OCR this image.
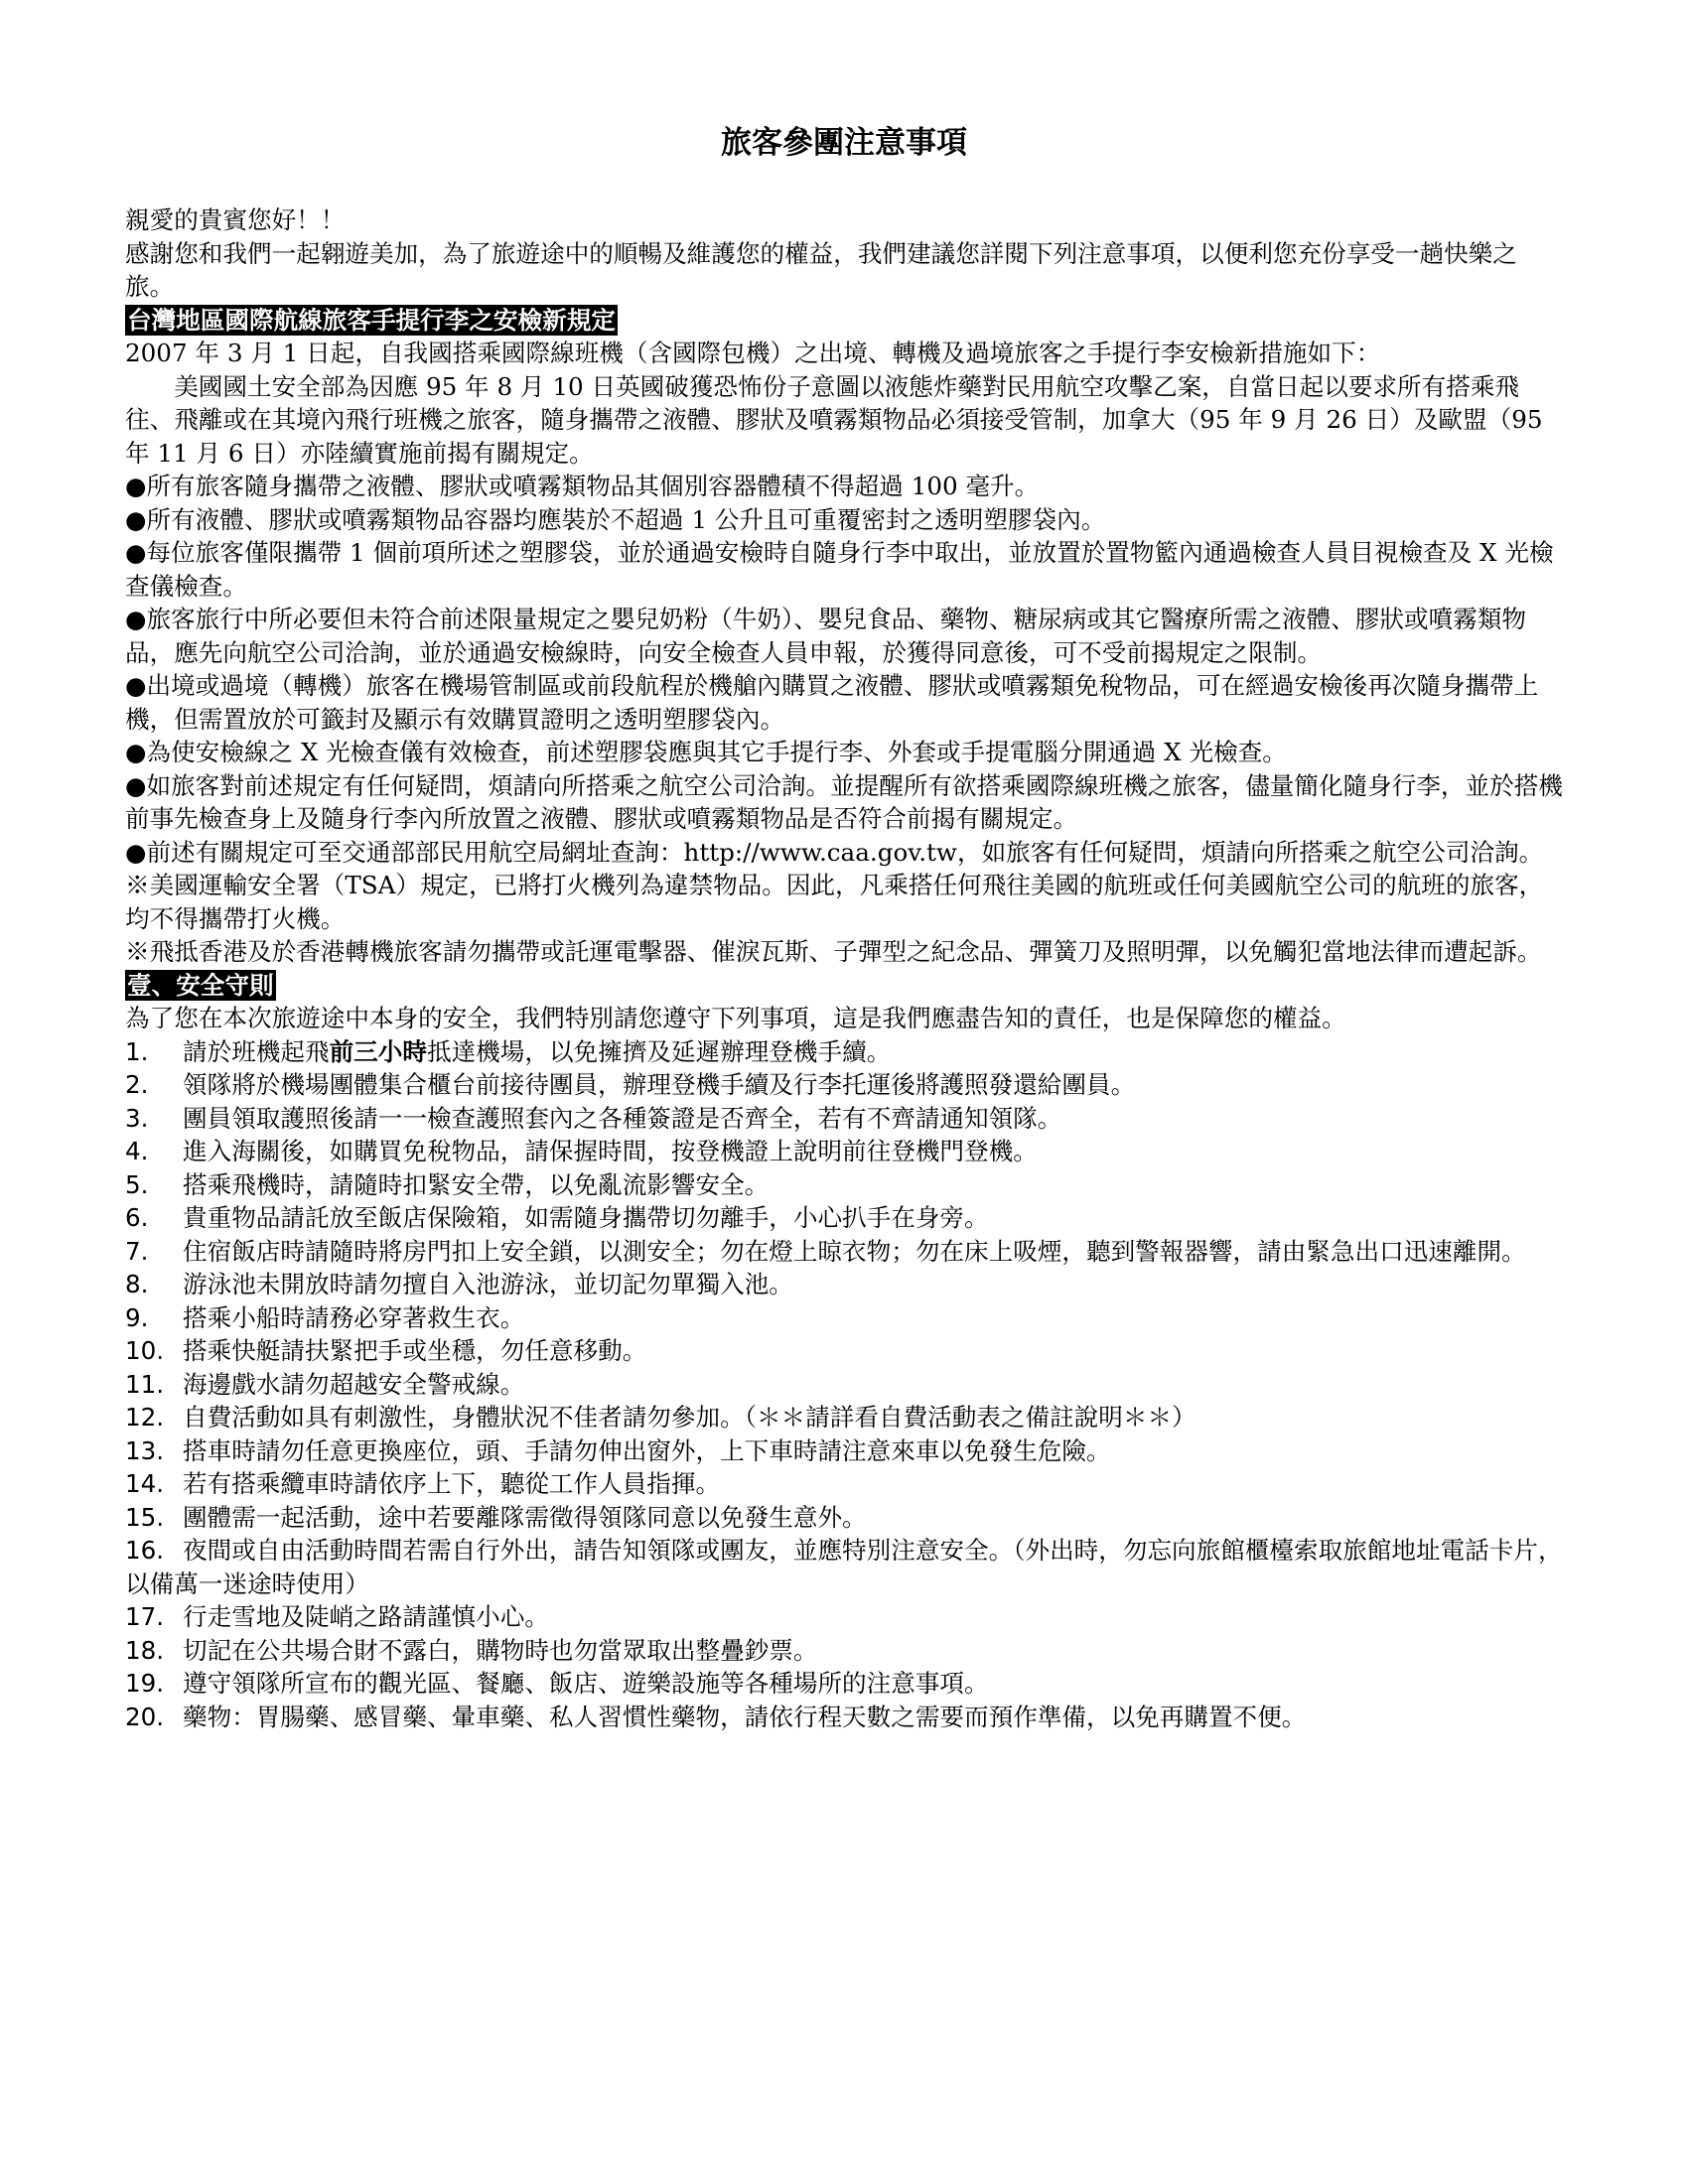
旅客參團注意事項

親愛的貴賓您好！！

感謝您和我們一起翱遊美加，為了旅遊途中的順暢及維護您的權益，我們建議您詳閱下列注意事項，以便利您充份享受一趟快樂之旅。

台灣地區國際航線旅客手提行李之安檢新規定

2007 年 3 月 1 日起，自我國搭乘國際線班機（含國際包機）之出境、轉機及過境旅客之手提行李安檢新措施如下：

美國國土安全部為因應 95 年 8 月 10 日英國破獲恐怖份子意圖以液態炸藥對民用航空攻擊乙案，自當日起以要求所有搭乘飛往、飛離或在其境內飛行班機之旅客，隨身攜帶之液體、膠狀及噴霧類物品必須接受管制，加拿大（95 年 9 月 26 日）及歐盟（95 年 11 月 6 日）亦陸續實施前揭有關規定。

●所有旅客隨身攜帶之液體、膠狀或噴霧類物品其個別容器體積不得超過 100 毫升。
●所有液體、膠狀或噴霧類物品容器均應裝於不超過 1 公升且可重覆密封之透明塑膠袋內。
●每位旅客僅限攜帶 1 個前項所述之塑膠袋，並於通過安檢時自隨身行李中取出，並放置於置物籃內通過檢查人員目視檢查及 X 光檢查儀檢查。
●旅客旅行中所必要但未符合前述限量規定之嬰兒奶粉（牛奶）、嬰兒食品、藥物、糖尿病或其它醫療所需之液體、膠狀或噴霧類物品，應先向航空公司洽詢，並於通過安檢線時，向安全檢查人員申報，於獲得同意後，可不受前揭規定之限制。
●出境或過境（轉機）旅客在機場管制區或前段航程於機艙內購買之液體、膠狀或噴霧類免稅物品，可在經過安檢後再次隨身攜帶上機，但需置放於可籤封及顯示有效購買證明之透明塑膠袋內。
●為使安檢線之 X 光檢查儀有效檢查，前述塑膠袋應與其它手提行李、外套或手提電腦分開通過 X 光檢查。
●如旅客對前述規定有任何疑問，煩請向所搭乘之航空公司洽詢。並提醒所有欲搭乘國際線班機之旅客，儘量簡化隨身行李，並於搭機前事先檢查身上及隨身行李內所放置之液體、膠狀或噴霧類物品是否符合前揭有關規定。
●前述有關規定可至交通部部民用航空局網址查詢：http://www.caa.gov.tw，如旅客有任何疑問，煩請向所搭乘之航空公司洽詢。

※美國運輸安全署（TSA）規定，已將打火機列為違禁物品。因此，凡乘搭任何飛往美國的航班或任何美國航空公司的航班的旅客，均不得攜帶打火機。

※飛抵香港及於香港轉機旅客請勿攜帶或託運電擊器、催淚瓦斯、子彈型之紀念品、彈簧刀及照明彈，以免觸犯當地法律而遭起訴。

壹、安全守則

為了您在本次旅遊途中本身的安全，我們特別請您遵守下列事項，這是我們應盡告知的責任，也是保障您的權益。

1.	請於班機起飛前三小時抵達機場，以免擁擠及延遲辦理登機手續。
2.	領隊將於機場團體集合櫃台前接待團員，辦理登機手續及行李托運後將護照發還給團員。
3.	團員領取護照後請一一檢查護照套內之各種簽證是否齊全，若有不齊請通知領隊。
4.	進入海關後，如購買免稅物品，請保握時間，按登機證上說明前往登機門登機。
5.	搭乘飛機時，請隨時扣緊安全帶，以免亂流影響安全。
6.	貴重物品請託放至飯店保險箱，如需隨身攜帶切勿離手，小心扒手在身旁。
7. 住宿飯店時請隨時將房門扣上安全鎖，以測安全；勿在燈上晾衣物；勿在床上吸煙，聽到警報器響，請由緊急出口迅速離開。
8.	游泳池未開放時請勿擅自入池游泳，並切記勿單獨入池。
9.	搭乘小船時請務必穿著救生衣。
10. 搭乘快艇請扶緊把手或坐穩，勿任意移動。
11. 海邊戲水請勿超越安全警戒線。
12. 自費活動如具有刺激性，身體狀況不佳者請勿參加。（＊＊請詳看自費活動表之備註說明＊＊）
13. 搭車時請勿任意更換座位，頭、手請勿伸出窗外，上下車時請注意來車以免發生危險。
14. 若有搭乘纜車時請依序上下，聽從工作人員指揮。
15. 團體需一起活動，途中若要離隊需徵得領隊同意以免發生意外。
16. 夜間或自由活動時間若需自行外出，請告知領隊或團友，並應特別注意安全。（外出時，勿忘向旅館櫃檯索取旅館地址電話卡片，以備萬一迷途時使用）
17. 行走雪地及陡峭之路請謹慎小心。
18. 切記在公共場合財不露白，購物時也勿當眾取出整疊鈔票。
19. 遵守領隊所宣布的觀光區、餐廳、飯店、遊樂設施等各種場所的注意事項。
20. 藥物：胃腸藥、感冒藥、暈車藥、私人習慣性藥物，請依行程天數之需要而預作準備，以免再購置不便。
